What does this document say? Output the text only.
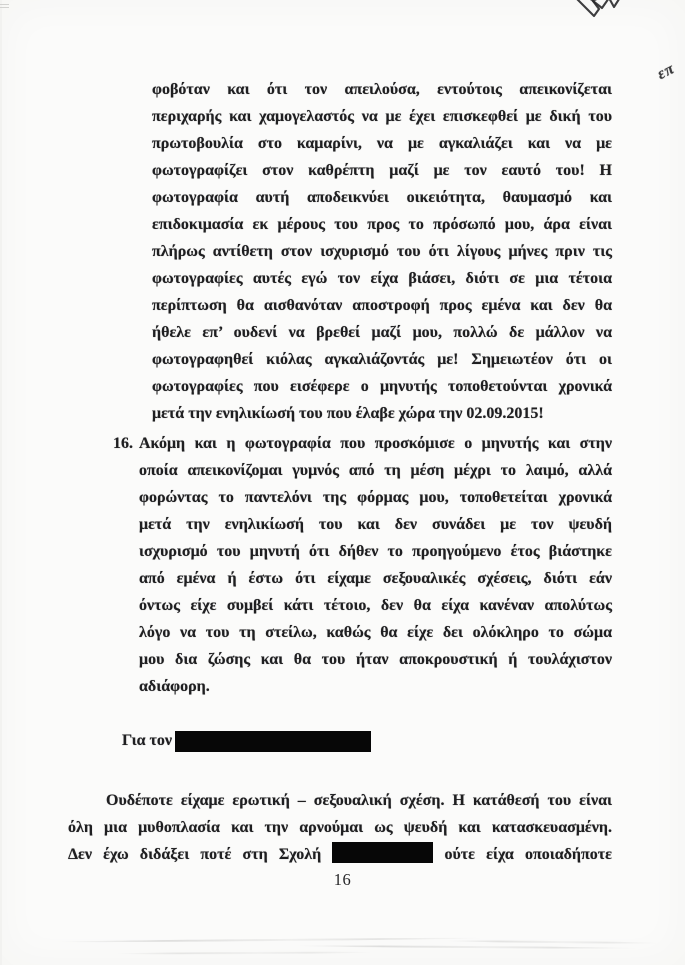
επ
φοβόταν και ότι τον απειλούσα, εντούτοις απεικονίζεται
περιχαρής και χαμογελαστός να με έχει επισκεφθεί με δική του
πρωτοβουλία στο καμαρίνι, να με αγκαλιάζει και να με
φωτογραφίζει στον καθρέπτη μαζί με τον εαυτό του! Η
φωτογραφία αυτή αποδεικνύει οικειότητα, θαυμασμό και
επιδοκιμασία εκ μέρους του προς το πρόσωπό μου, άρα είναι
πλήρως αντίθετη στον ισχυρισμό του ότι λίγους μήνες πριν τις
φωτογραφίες αυτές εγώ τον είχα βιάσει, διότι σε μια τέτοια
περίπτωση θα αισθανόταν αποστροφή προς εμένα και δεν θα
ήθελε επ’ ουδενί να βρεθεί μαζί μου, πολλώ δε μάλλον να
φωτογραφηθεί κιόλας αγκαλιάζοντάς με! Σημειωτέον ότι οι
φωτογραφίες που εισέφερε ο μηνυτής τοποθετούνται χρονικά
μετά την ενηλικίωσή του που έλαβε χώρα την 02.09.2015!
16. Ακόμη και η φωτογραφία που προσκόμισε ο μηνυτής και στην
οποία απεικονίζομαι γυμνός από τη μέση μέχρι το λαιμό, αλλά
φορώντας το παντελόνι της φόρμας μου, τοποθετείται χρονικά
μετά την ενηλικίωσή του και δεν συνάδει με τον ψευδή
ισχυρισμό του μηνυτή ότι δήθεν το προηγούμενο έτος βιάστηκε
από εμένα ή έστω ότι είχαμε σεξουαλικές σχέσεις, διότι εάν
όντως είχε συμβεί κάτι τέτοιο, δεν θα είχα κανέναν απολύτως
λόγο να του τη στείλω, καθώς θα είχε δει ολόκληρο το σώμα
μου δια ζώσης και θα του ήταν αποκρουστική ή τουλάχιστον
αδιάφορη.
Για τον
Ουδέποτε είχαμε ερωτική – σεξουαλική σχέση. Η κατάθεσή του είναι
όλη μια μυθοπλασία και την αρνούμαι ως ψευδή και κατασκευασμένη.
Δεν έχω διδάξει ποτέ στη Σχολή	ούτε είχα οποιαδήποτε
16
